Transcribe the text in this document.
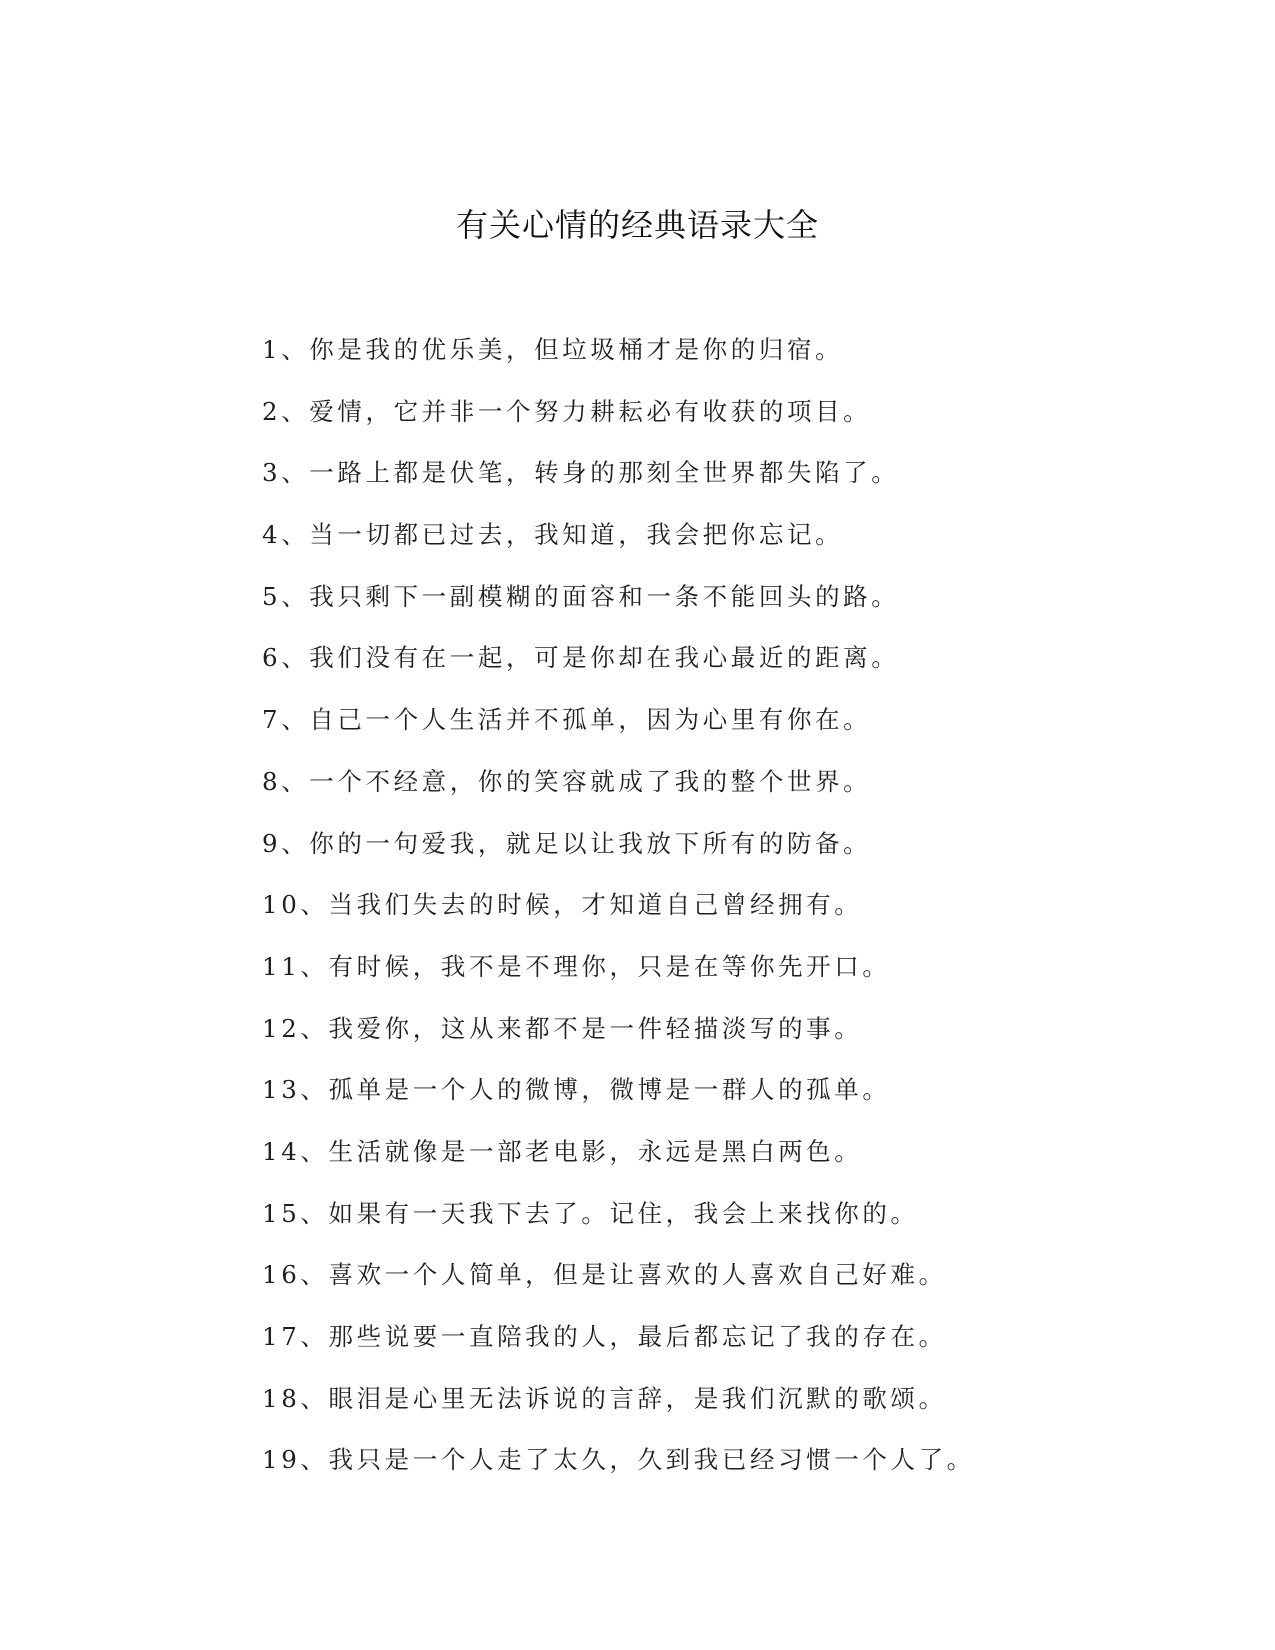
有关心情的经典语录大全
1、你是我的优乐美，但垃圾桶才是你的归宿。
2、爱情，它并非一个努力耕耘必有收获的项目。
3、一路上都是伏笔，转身的那刻全世界都失陷了。
4、当一切都已过去，我知道，我会把你忘记。
5、我只剩下一副模糊的面容和一条不能回头的路。
6、我们没有在一起，可是你却在我心最近的距离。
7、自己一个人生活并不孤单，因为心里有你在。
8、一个不经意，你的笑容就成了我的整个世界。
9、你的一句爱我，就足以让我放下所有的防备。
10、当我们失去的时候，才知道自己曾经拥有。
11、有时候，我不是不理你，只是在等你先开口。
12、我爱你，这从来都不是一件轻描淡写的事。
13、孤单是一个人的微博，微博是一群人的孤单。
14、生活就像是一部老电影，永远是黑白两色。
15、如果有一天我下去了。记住，我会上来找你的。
16、喜欢一个人简单，但是让喜欢的人喜欢自己好难。
17、那些说要一直陪我的人，最后都忘记了我的存在。
18、眼泪是心里无法诉说的言辞，是我们沉默的歌颂。
19、我只是一个人走了太久，久到我已经习惯一个人了。
